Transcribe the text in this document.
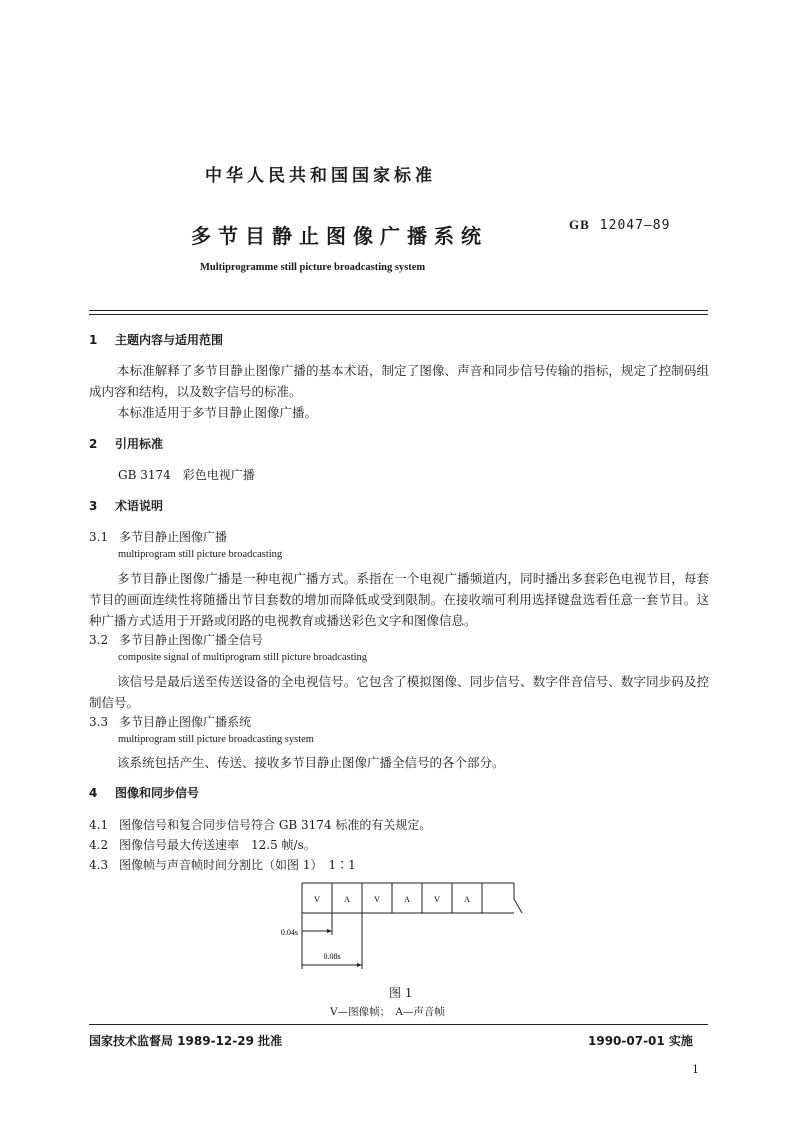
中华人民共和国国家标准
多节目静止图像广播系统	GB 12047—89
Multiprogramme still picture broadcasting system
1 主题内容与适用范围
本标准解释了多节目静止图像广播的基本术语，制定了图像、声音和同步信号传输的指标，规定了控制码组成内容和结构，以及数字信号的标准。
本标准适用于多节目静止图像广播。
2 引用标准
GB 3174　彩色电视广播
3 术语说明
3.1 多节目静止图像广播
multiprogram still picture broadcasting
多节目静止图像广播是一种电视广播方式。系指在一个电视广播频道内，同时播出多套彩色电视节目，每套节目的画面连续性将随播出节目套数的增加而降低或受到限制。在接收端可利用选择键盘选看任意一套节目。这种广播方式适用于开路或闭路的电视教育或播送彩色文字和图像信息。
3.2 多节目静止图像广播全信号
composite signal of multiprogram still picture broadcasting
该信号是最后送至传送设备的全电视信号。它包含了模拟图像、同步信号、数字伴音信号、数字同步码及控制信号。
3.3 多节目静止图像广播系统
multiprogram still picture broadcasting system
该系统包括产生、传送、接收多节目静止图像广播全信号的各个部分。
4 图像和同步信号
4.1 图像信号和复合同步信号符合 GB 3174 标准的有关规定。
4.2 图像信号最大传送速率　12.5 帧/s。
4.3 图像帧与声音帧时间分割比（如图 1）　1∶1
V	A	V	A	V	A
0.04s
0.08s
图 1
V—图像帧；　A—声音帧
国家技术监督局 1989-12-29 批准	1990-07-01 实施
1
